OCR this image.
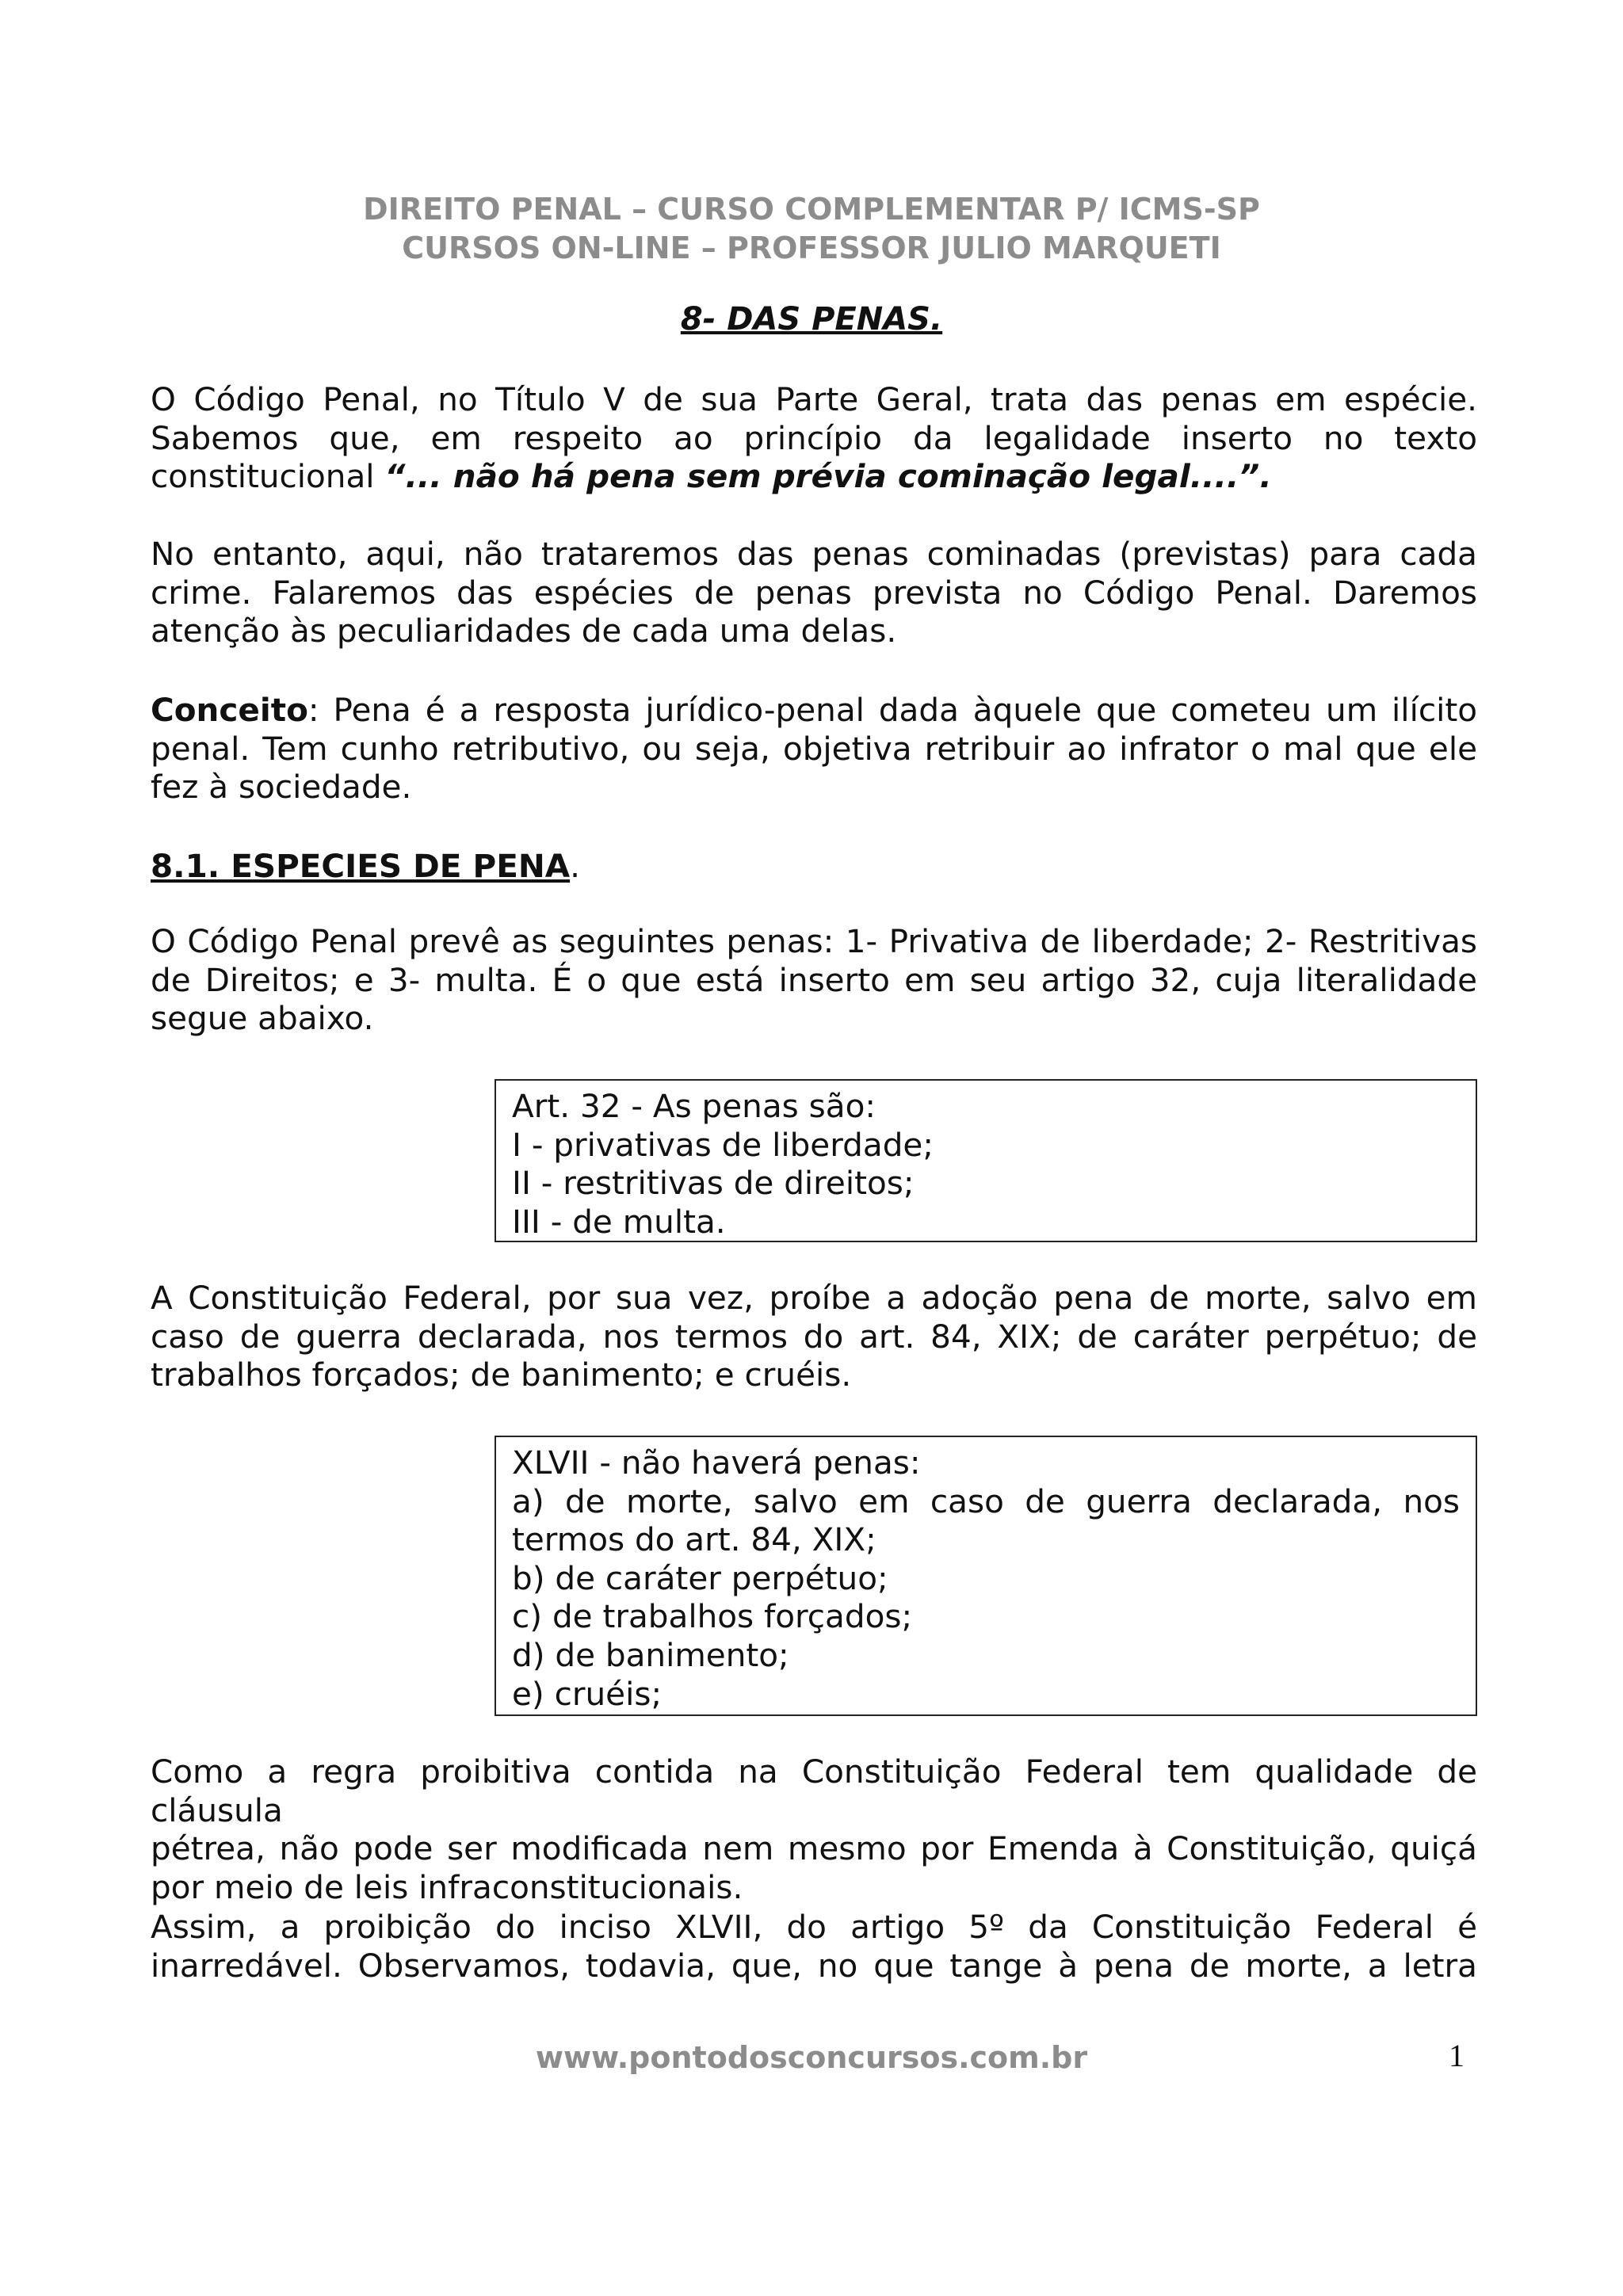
DIREITO PENAL – CURSO COMPLEMENTAR P/ ICMS-SP
CURSOS ON-LINE – PROFESSOR JULIO MARQUETI
8- DAS PENAS.
O Código Penal, no Título V de sua Parte Geral, trata das penas em espécie.
Sabemos que, em respeito ao princípio da legalidade inserto no texto
constitucional “... não há pena sem prévia cominação legal....”.
No entanto, aqui, não trataremos das penas cominadas (previstas) para cada
crime. Falaremos das espécies de penas prevista no Código Penal. Daremos
atenção às peculiaridades de cada uma delas.
Conceito: Pena é a resposta jurídico-penal dada àquele que cometeu um ilícito
penal. Tem cunho retributivo, ou seja, objetiva retribuir ao infrator o mal que ele
fez à sociedade.
8.1. ESPECIES DE PENA.
O Código Penal prevê as seguintes penas: 1- Privativa de liberdade; 2- Restritivas
de Direitos; e 3- multa. É o que está inserto em seu artigo 32, cuja literalidade
segue abaixo.
Art. 32 - As penas são:
I - privativas de liberdade;
II - restritivas de direitos;
III - de multa.
A Constituição Federal, por sua vez, proíbe a adoção pena de morte, salvo em
caso de guerra declarada, nos termos do art. 84, XIX; de caráter perpétuo; de
trabalhos forçados; de banimento; e cruéis.
XLVII - não haverá penas:
a) de morte, salvo em caso de guerra declarada, nos
termos do art. 84, XIX;
b) de caráter perpétuo;
c) de trabalhos forçados;
d) de banimento;
e) cruéis;
Como a regra proibitiva contida na Constituição Federal tem qualidade de cláusula
pétrea, não pode ser modificada nem mesmo por Emenda à Constituição, quiçá
por meio de leis infraconstitucionais.
Assim, a proibição do inciso XLVII, do artigo 5º da Constituição Federal é
inarredável. Observamos, todavia, que, no que tange à pena de morte, a letra
www.pontodosconcursos.com.br	1
